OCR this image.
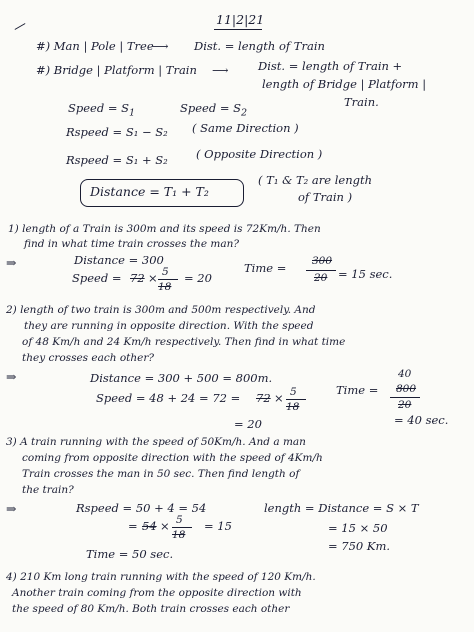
11|2|21
#) Man | Pole | Tree
⟶ Dist. = length of Train
#) Bridge | Platform | Train ⟶	Dist. = length of Train +
length of Bridge | Platform |
Train.
Speed = $S_1$	Speed = $S_2$
Rspeed = S₁ − S₂ ( Same Direction )
Rspeed = S₁ + S₂ ( Opposite Direction )
Distance = T₁ + T₂
( T₁ & T₂ are length
of Train )
1) length of a Train is 300m and its speed is 72Km/h. Then
find in what time train crosses the man?
⇒	Distance = 300
Speed = 72 × 5
18
= 20
Time = 300
20 = 15 sec.
2) length of two train is 300m and 500m respectively. And
they are running in opposite direction. With the speed
of 48 Km/h and 24 Km/h respectively. Then find in what time
they crosses each other?
⇒	Distance = 300 + 500 = 800m.
Speed = 48 + 24 = 72 = 72 × 5
18
= 20
Time =
40
800
20
= 40 sec.
3) A train running with the speed of 50Km/h. And a man
coming from opposite direction with the speed of 4Km/h
Train crosses the man in 50 sec. Then find length of
the train?
⇒	Rspeed = 50 + 4 = 54
= 54 × 5
18
= 15
Time = 50 sec.
length = Distance = S × T
= 15 × 50
= 750 Km.
4) 210 Km long train running with the speed of 120 Km/h.
Another train coming from the opposite direction with
the speed of 80 Km/h. Both train crosses each other
